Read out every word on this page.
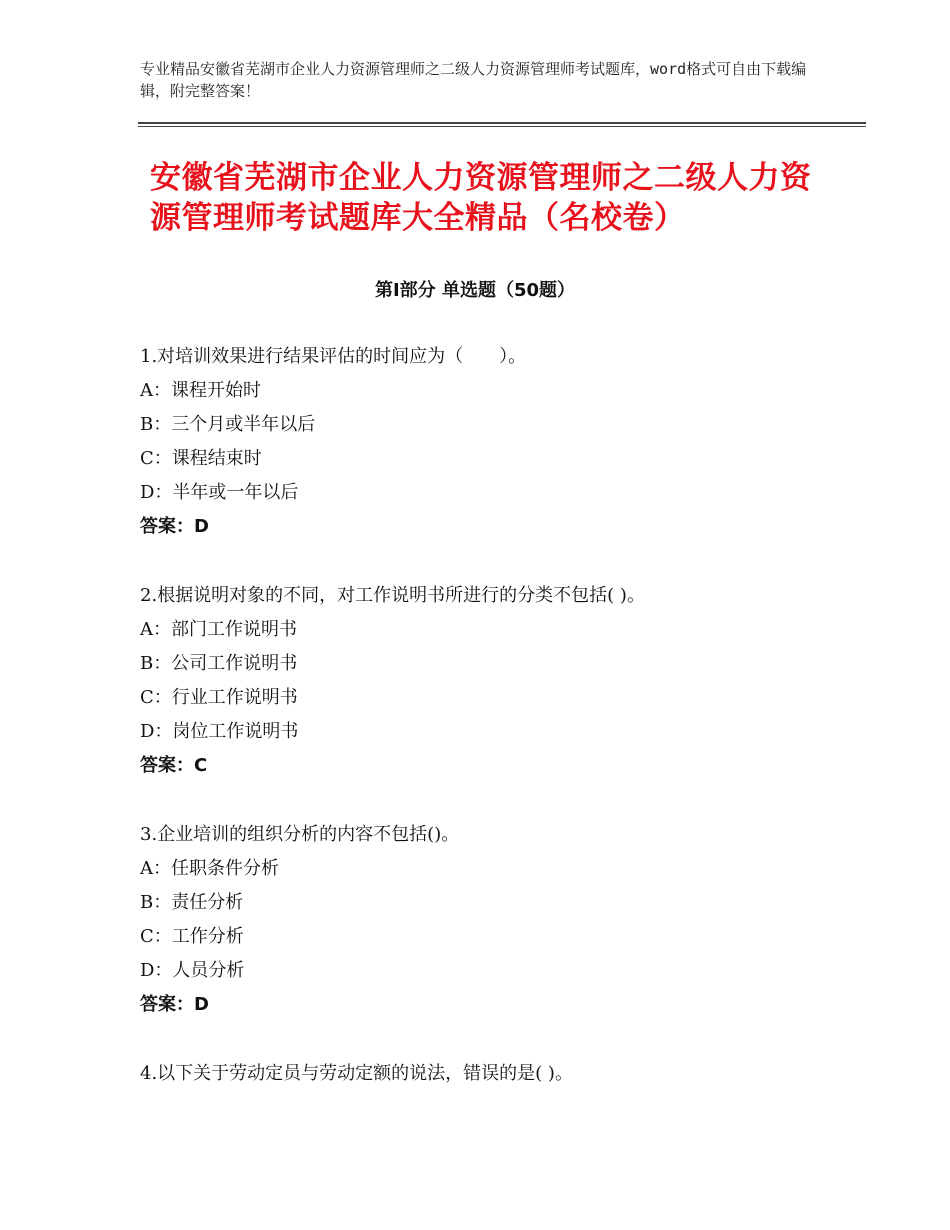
专业精品安徽省芜湖市企业人力资源管理师之二级人力资源管理师考试题库，word格式可自由下载编辑，附完整答案！
安徽省芜湖市企业人力资源管理师之二级人力资源管理师考试题库大全精品（名校卷）
第Ⅰ部分 单选题（50题）
1.对培训效果进行结果评估的时间应为（　　）。
A：课程开始时
B：三个月或半年以后
C：课程结束时
D：半年或一年以后
答案：D
2.根据说明对象的不同，对工作说明书所进行的分类不包括( )。
A：部门工作说明书
B：公司工作说明书
C：行业工作说明书
D：岗位工作说明书
答案：C
3.企业培训的组织分析的内容不包括()。
A：任职条件分析
B：责任分析
C：工作分析
D：人员分析
答案：D
4.以下关于劳动定员与劳动定额的说法，错误的是( )。
